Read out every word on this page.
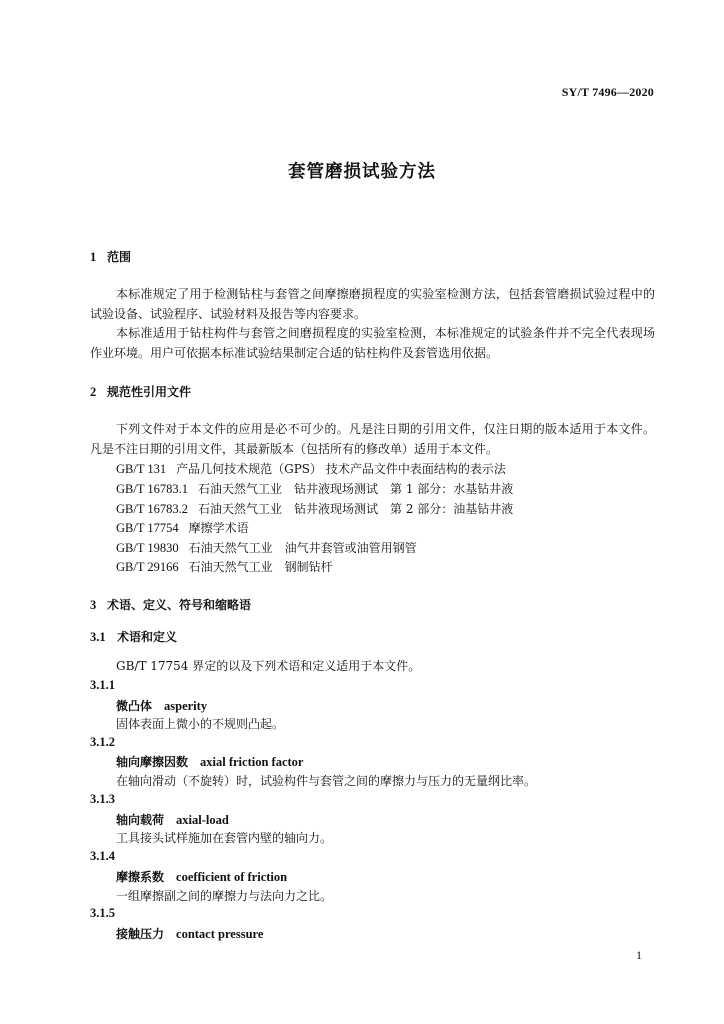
SY/T 7496—2020
套管磨损试验方法
1 范围
本标准规定了用于检测钻柱与套管之间摩擦磨损程度的实验室检测方法，包括套管磨损试验过程中的试验设备、试验程序、试验材料及报告等内容要求。
本标准适用于钻柱构件与套管之间磨损程度的实验室检测，本标准规定的试验条件并不完全代表现场作业环境。用户可依据本标准试验结果制定合适的钻柱构件及套管选用依据。
2 规范性引用文件
下列文件对于本文件的应用是必不可少的。凡是注日期的引用文件，仅注日期的版本适用于本文件。凡是不注日期的引用文件，其最新版本（包括所有的修改单）适用于本文件。
GB/T 131 产品几何技术规范（GPS） 技术产品文件中表面结构的表示法
GB/T 16783.1 石油天然气工业　钻井液现场测试　第 1 部分：水基钻井液
GB/T 16783.2 石油天然气工业　钻井液现场测试　第 2 部分：油基钻井液
GB/T 17754 摩擦学术语
GB/T 19830 石油天然气工业　油气井套管或油管用钢管
GB/T 29166 石油天然气工业　钢制钻杆
3 术语、定义、符号和缩略语
3.1 术语和定义
GB/T 17754 界定的以及下列术语和定义适用于本文件。
3.1.1
微凸体 asperity
固体表面上微小的不规则凸起。
3.1.2
轴向摩擦因数 axial friction factor
在轴向滑动（不旋转）时，试验构件与套管之间的摩擦力与压力的无量纲比率。
3.1.3
轴向载荷 axial-load
工具接头试样施加在套管内壁的轴向力。
3.1.4
摩擦系数 coefficient of friction
一组摩擦副之间的摩擦力与法向力之比。
3.1.5
接触压力 contact pressure
1
